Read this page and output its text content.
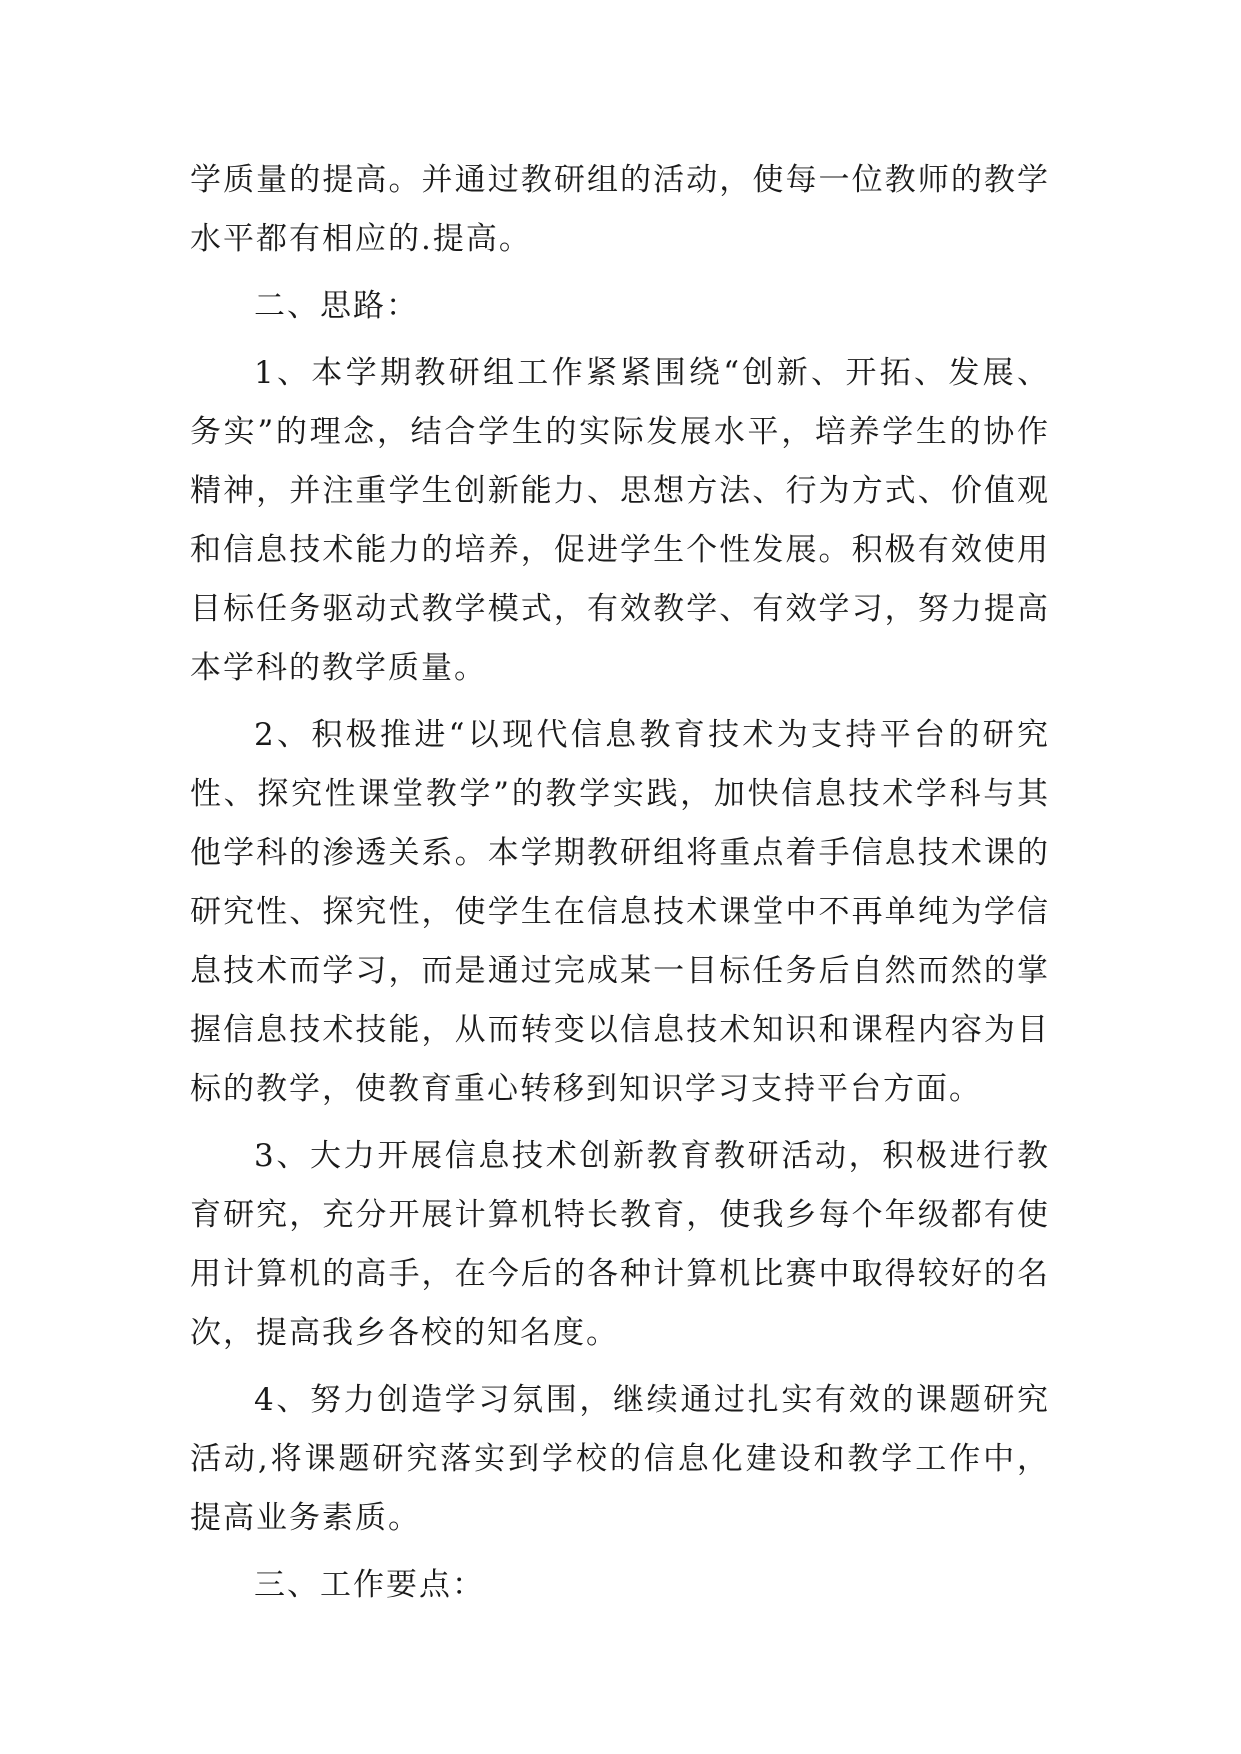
学质量的提高。并通过教研组的活动，使每一位教师的教学
水平都有相应的.提高。
二、思路：
1、本学期教研组工作紧紧围绕“创新、开拓、发展、
务实”的理念，结合学生的实际发展水平，培养学生的协作
精神，并注重学生创新能力、思想方法、行为方式、价值观
和信息技术能力的培养，促进学生个性发展。积极有效使用
目标任务驱动式教学模式，有效教学、有效学习，努力提高
本学科的教学质量。
2、积极推进“以现代信息教育技术为支持平台的研究
性、探究性课堂教学”的教学实践，加快信息技术学科与其
他学科的渗透关系。本学期教研组将重点着手信息技术课的
研究性、探究性，使学生在信息技术课堂中不再单纯为学信
息技术而学习，而是通过完成某一目标任务后自然而然的掌
握信息技术技能，从而转变以信息技术知识和课程内容为目
标的教学，使教育重心转移到知识学习支持平台方面。
3、大力开展信息技术创新教育教研活动，积极进行教
育研究，充分开展计算机特长教育，使我乡每个年级都有使
用计算机的高手，在今后的各种计算机比赛中取得较好的名
次，提高我乡各校的知名度。
4、努力创造学习氛围，继续通过扎实有效的课题研究
活动,将课题研究落实到学校的信息化建设和教学工作中，
提高业务素质。
三、工作要点：
